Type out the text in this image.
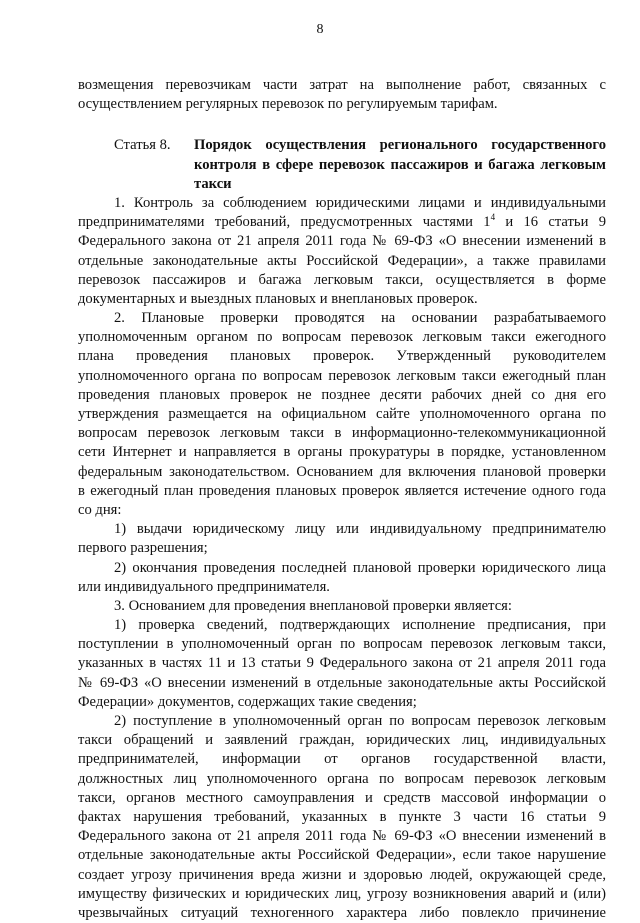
8
возмещения перевозчикам части затрат на выполнение работ, связанных с
осуществлением регулярных перевозок по регулируемым тарифам.
Статья 8. Порядок осуществления регионального государственного
контроля в сфере перевозок пассажиров и багажа легковым
такси
1. Контроль за соблюдением юридическими лицами и индивидуальными
предпринимателями требований, предусмотренных частями $1^4$ и 16 статьи 9
Федерального закона от 21 апреля 2011 года № 69-ФЗ «О внесении изменений в
отдельные законодательные акты Российской Федерации», а также правилами
перевозок пассажиров и багажа легковым такси, осуществляется в форме
документарных и выездных плановых и внеплановых проверок.
2. Плановые проверки проводятся на основании разрабатываемого
уполномоченным органом по вопросам перевозок легковым такси ежегодного
плана проведения плановых проверок. Утвержденный руководителем
уполномоченного органа по вопросам перевозок легковым такси ежегодный план
проведения плановых проверок не позднее десяти рабочих дней со дня его
утверждения размещается на официальном сайте уполномоченного органа по
вопросам перевозок легковым такси в информационно-телекоммуникационной
сети Интернет и направляется в органы прокуратуры в порядке, установленном
федеральным законодательством. Основанием для включения плановой проверки
в ежегодный план проведения плановых проверок является истечение одного года
со дня:
1) выдачи юридическому лицу или индивидуальному предпринимателю
первого разрешения;
2) окончания проведения последней плановой проверки юридического лица
или индивидуального предпринимателя.
3. Основанием для проведения внеплановой проверки является:
1) проверка сведений, подтверждающих исполнение предписания, при
поступлении в уполномоченный орган по вопросам перевозок легковым такси,
указанных в частях 11 и 13 статьи 9 Федерального закона от 21 апреля 2011 года
№ 69-ФЗ «О внесении изменений в отдельные законодательные акты Российской
Федерации» документов, содержащих такие сведения;
2) поступление в уполномоченный орган по вопросам перевозок легковым
такси обращений и заявлений граждан, юридических лиц, индивидуальных
предпринимателей, информации от органов государственной власти,
должностных лиц уполномоченного органа по вопросам перевозок легковым
такси, органов местного самоуправления и средств массовой информации о
фактах нарушения требований, указанных в пункте 3 части 16 статьи 9
Федерального закона от 21 апреля 2011 года № 69-ФЗ «О внесении изменений в
отдельные законодательные акты Российской Федерации», если такое нарушение
создает угрозу причинения вреда жизни и здоровью людей, окружающей среде,
имуществу физических и юридических лиц, угрозу возникновения аварий и (или)
чрезвычайных ситуаций техногенного характера либо повлекло причинение
